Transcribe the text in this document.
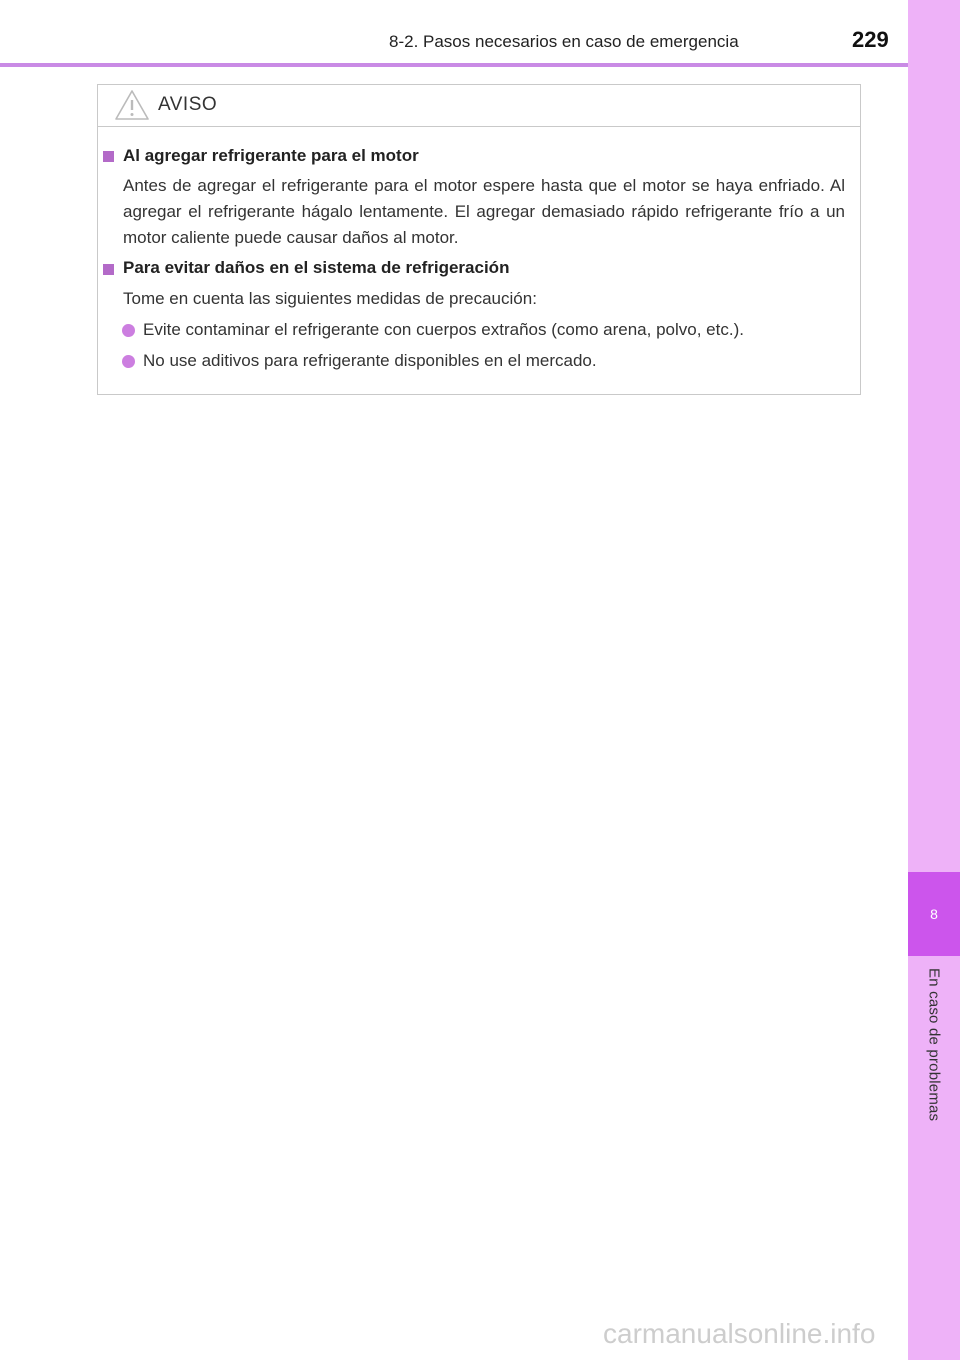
8
En caso de problemas
8-2. Pasos necesarios en caso de emergencia	229
AVISO
Al agregar refrigerante para el motor
Antes de agregar el refrigerante para el motor espere hasta que el motor se haya enfriado. Al agregar el refrigerante hágalo lentamente. El agregar demasiado rápido refrigerante frío a un motor caliente puede causar daños al motor.
Para evitar daños en el sistema de refrigeración
Tome en cuenta las siguientes medidas de precaución:
Evite contaminar el refrigerante con cuerpos extraños (como arena, polvo, etc.).
No use aditivos para refrigerante disponibles en el mercado.
carmanualsonline.info
